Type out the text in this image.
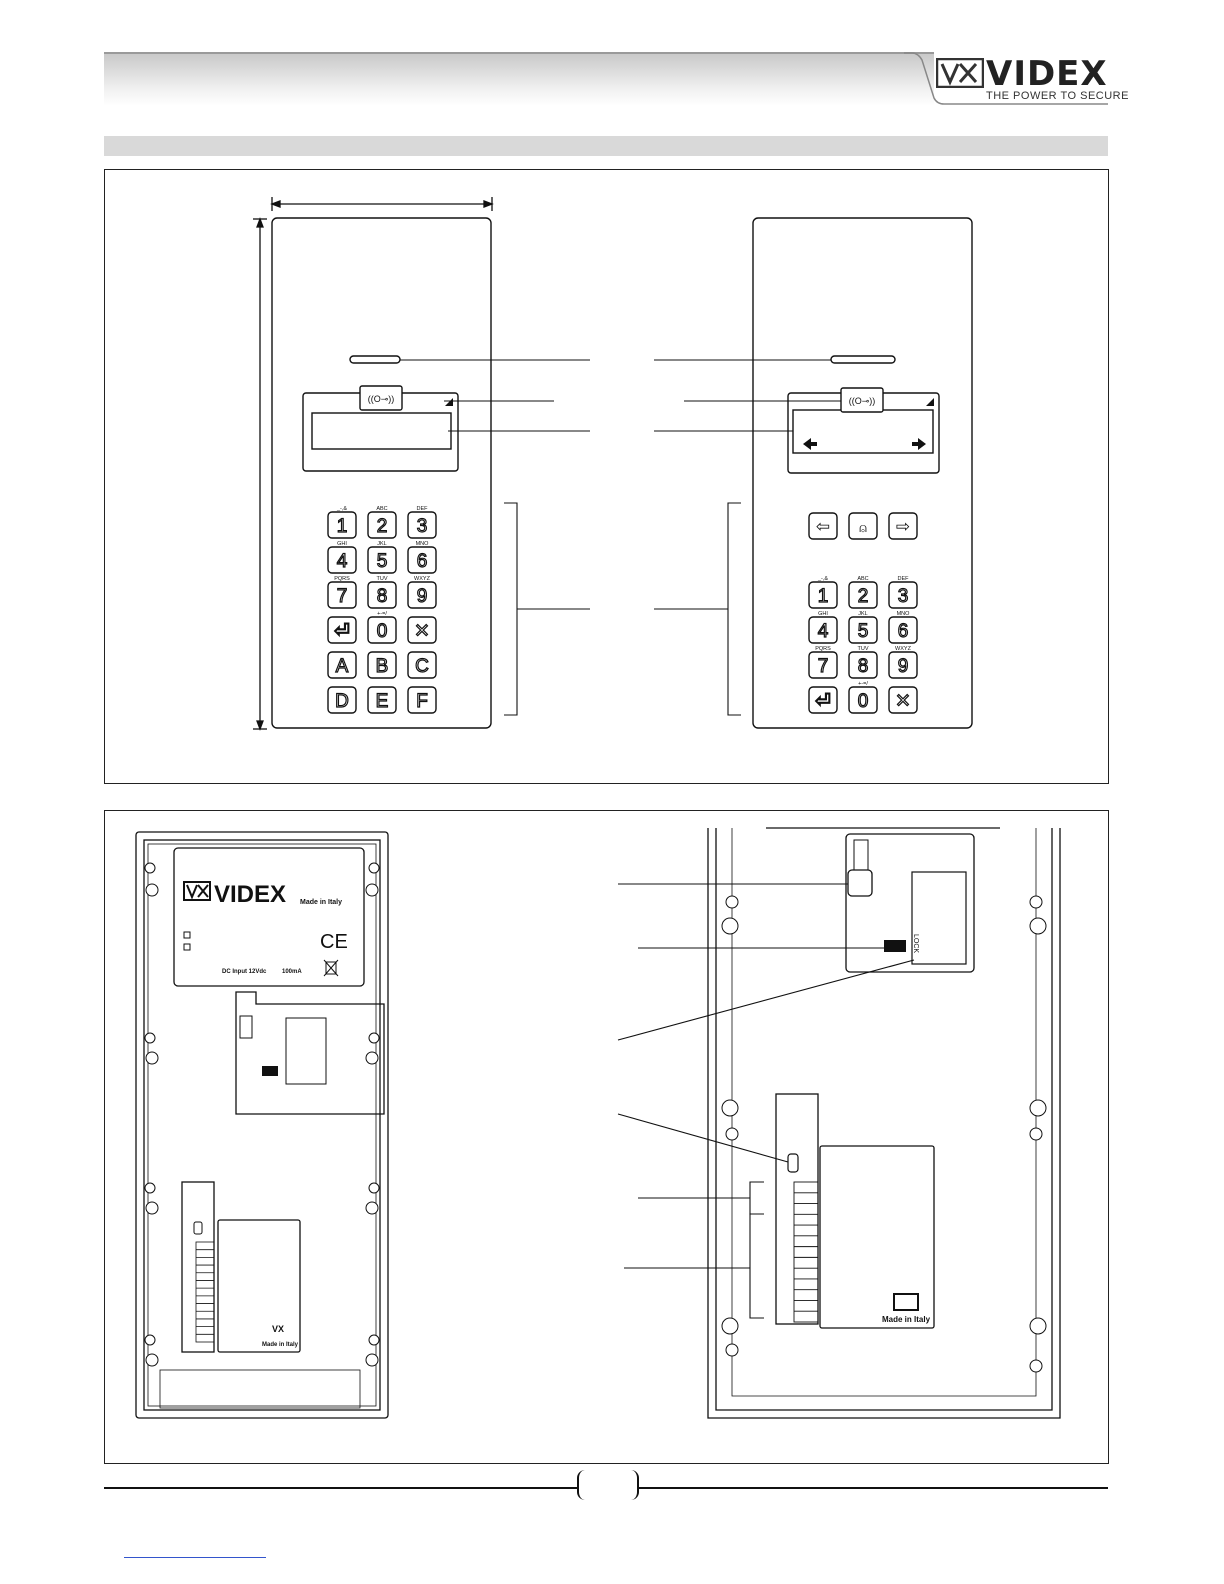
VIDEX
THE POWER TO SECURE
((O⊸))	((O⊸))
1
_-,&
2
ABC
3
DEF
4
GHI
5
JKL
6
MNO
7
PQRS
8
TUV
9
WXYZ
⏎ 0
+-=/
✕
A B C
D E F
⇦ ⍝ ⇨
1
_-,&
2
ABC
3
DEF
4
GHI
5
JKL
6
MNO
7
PQRS
8
TUV
9
WXYZ
⏎ 0
+-=/
✕
VIDEX Made in Italy
CE
DC Input 12Vdc	100mA
VX
Made in Italy
LOCK
Made in Italy
